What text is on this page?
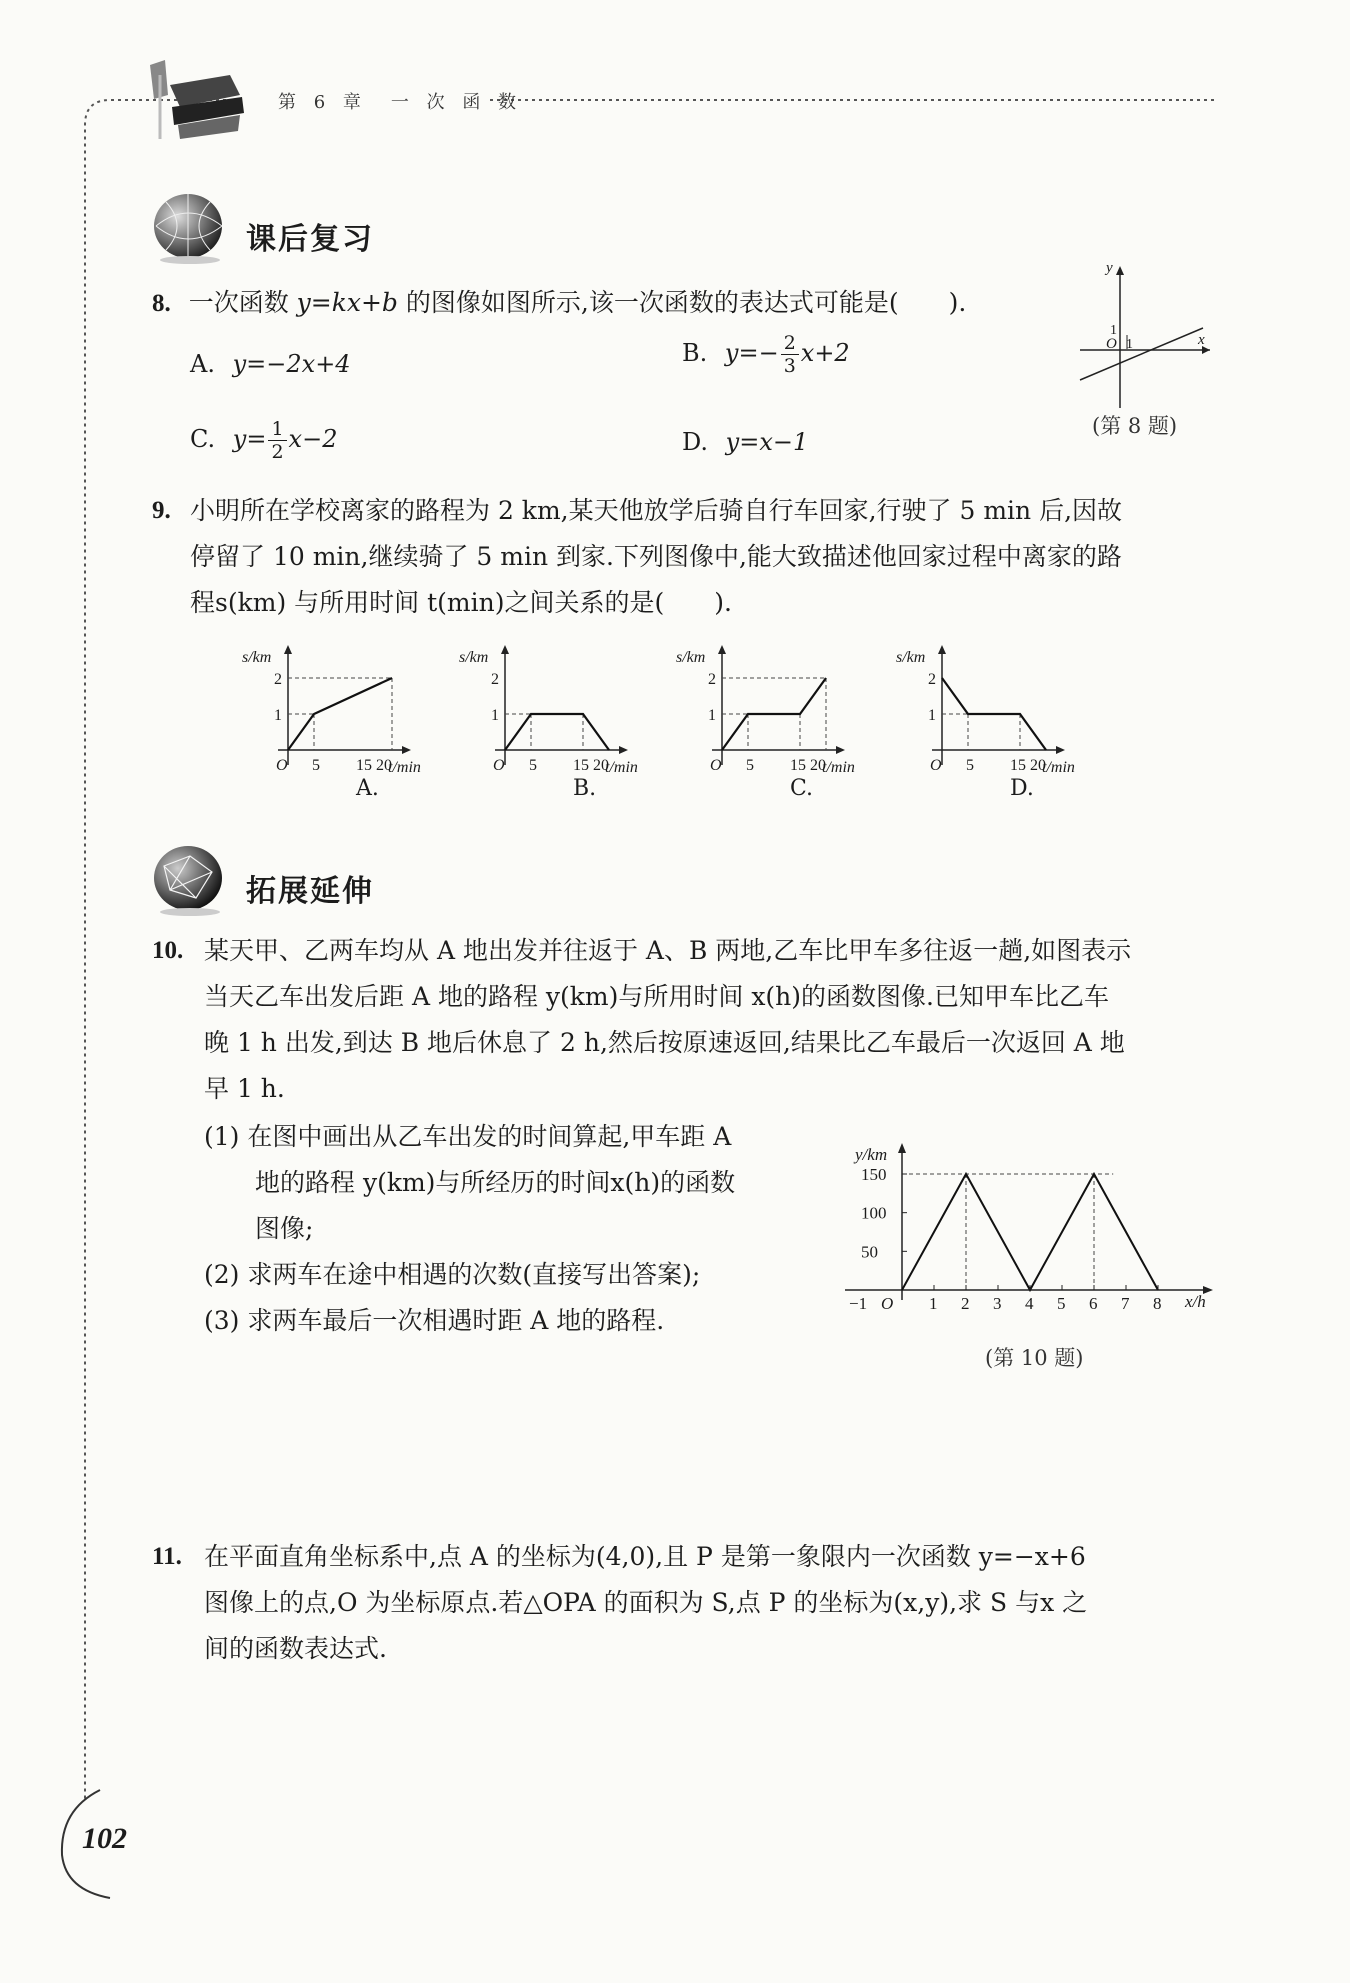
第 6 章　一 次 函 数
课后复习
8. 一次函数 y=kx+b 的图像如图所示,该一次函数的表达式可能是(　　).
A. y=−2x+4	B. $y=- \frac{2}{3} x+2$
C. $y= \frac{1}{2} x-2$	D. y=x−1
y
x
O 1
1
(第 8 题)
9. 小明所在学校离家的路程为 2 km,某天他放学后骑自行车回家,行驶了 5 min 后,因故
停留了 10 min,继续骑了 5 min 到家.下列图像中,能大致描述他回家过程中离家的路
程s(km) 与所用时间 t(min)之间关系的是(　　).
s/km
2
1
O 5 15 20
t/min
A.
s/km
2
1
O 5 15 20
t/min
B.
s/km
2
1
O 5 15 20
t/min
C.
s/km
2
1
O 5 15 20
t/min
D.
拓展延伸
10. 某天甲、乙两车均从 A 地出发并往返于 A、B 两地,乙车比甲车多往返一趟,如图表示
当天乙车出发后距 A 地的路程 y(km)与所用时间 x(h)的函数图像.已知甲车比乙车
晚 1 h 出发,到达 B 地后休息了 2 h,然后按原速返回,结果比乙车最后一次返回 A 地
早 1 h.
(1) 在图中画出从乙车出发的时间算起,甲车距 A
地的路程 y(km)与所经历的时间x(h)的函数
图像;
(2) 求两车在途中相遇的次数(直接写出答案);
(3) 求两车最后一次相遇时距 A 地的路程.
1 2 3 4 5 6 7 8
150
100
50
y/km
x/h
−1 O
(第 10 题)
11. 在平面直角坐标系中,点 A 的坐标为(4,0),且 P 是第一象限内一次函数 y=−x+6
图像上的点,O 为坐标原点.若△OPA 的面积为 S,点 P 的坐标为(x,y),求 S 与x 之
间的函数表达式.
102
